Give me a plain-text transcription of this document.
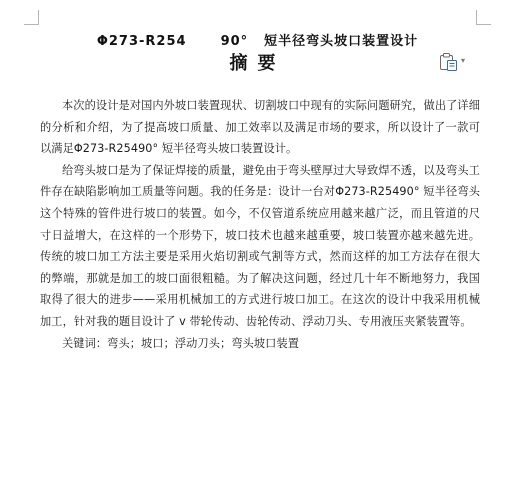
Φ273-R254	90° 短半径弯头坡口装置设计
摘要	▾

本次的设计是对国内外坡口装置现状、切割坡口中现有的实际问题研究，做出了详细的分析和介绍，为了提高坡口质量、加工效率以及满足市场的要求，所以设计了一款可以满足Φ273-R25490° 短半径弯头坡口装置设计。

给弯头坡口是为了保证焊接的质量，避免由于弯头壁厚过大导致焊不透，以及弯头工件存在缺陷影响加工质量等问题。我的任务是：设计一台对Φ273-R25490° 短半径弯头这个特殊的管件进行坡口的装置。如今，不仅管道系统应用越来越广泛，而且管道的尺寸日益增大，在这样的一个形势下，坡口技术也越来越重要，坡口装置亦越来越先进。传统的坡口加工方法主要是采用火焰切割或气割等方式，然而这样的加工方法存在很大的弊端，那就是加工的坡口面很粗糙。为了解决这问题，经过几十年不断地努力，我国取得了很大的进步——采用机械加工的方式进行坡口加工。在这次的设计中我采用机械加工，针对我的题目设计了 v 带轮传动、齿轮传动、浮动刀头、专用液压夹紧装置等。

关键词：弯头；坡口；浮动刀头；弯头坡口装置
